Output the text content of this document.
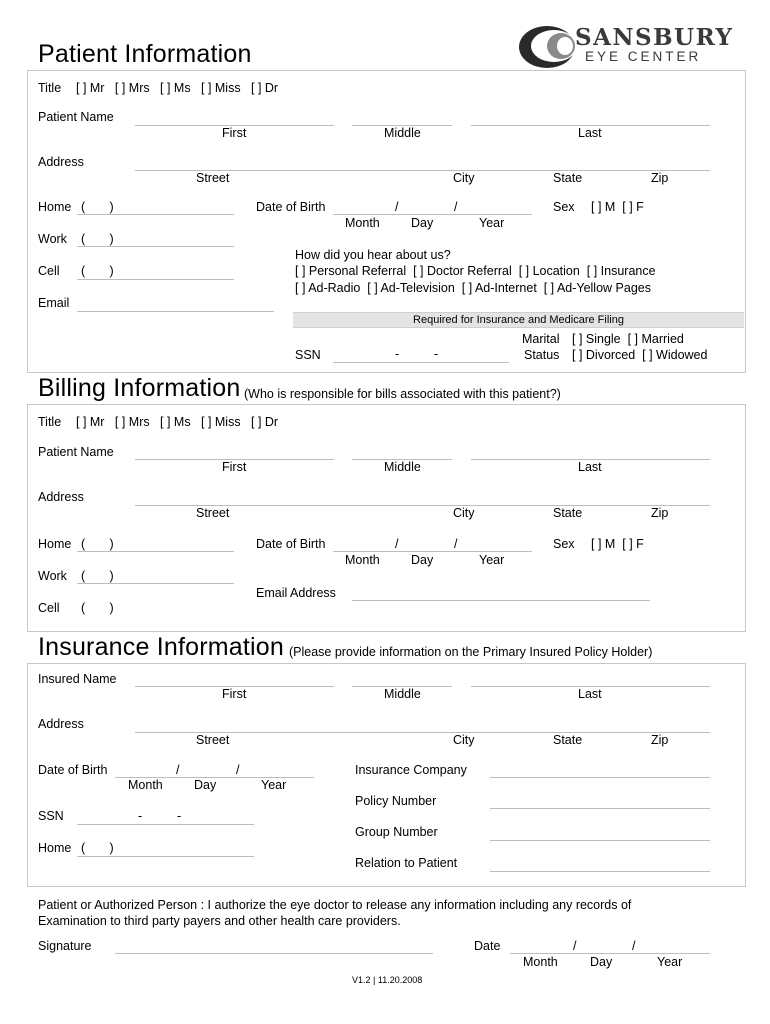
SANSBURY
EYE CENTER
Patient Information
Title [ ] Mr   [ ] Mrs   [ ] Ms   [ ] Miss   [ ] Dr
Patient Name
First	Middle	Last
Address
Street	City	State	Zip
Home (       )	Date of Birth	/	/
Month	Day	Year
Sex [ ] M  [ ] F
Work (       )
How did you hear about us?
[ ] Personal Referral  [ ] Doctor Referral  [ ] Location  [ ] Insurance
[ ] Ad-Radio  [ ] Ad-Television  [ ] Ad-Internet  [ ] Ad-Yellow Pages
Cell (       )
Email
Required for Insurance and Medicare Filing
Marital
Status
[ ] Single  [ ] Married
[ ] Divorced  [ ] Widowed
SSN	-	-
Billing Information (Who is responsible for bills associated with this patient?)
Title [ ] Mr   [ ] Mrs   [ ] Ms   [ ] Miss   [ ] Dr
Patient Name
First	Middle	Last
Address
Street	City	State	Zip
Home (       )	Date of Birth	/	/
Month	Day	Year
Sex [ ] M  [ ] F
Work (       )
Email Address
Cell (       )
Insurance Information (Please provide information on the Primary Insured Policy Holder)
Insured Name
First	Middle	Last
Address
Street	City	State	Zip
Date of Birth	/	/
Month	Day	Year
Insurance Company
Policy Number
SSN	-	-
Group Number
Home (       )
Relation to Patient
Patient or Authorized Person : I authorize the eye doctor to release any information including any records of
Examination to third party payers and other health care providers.
Signature	Date	/	/
Month	Day	Year
V1.2 | 11.20.2008
